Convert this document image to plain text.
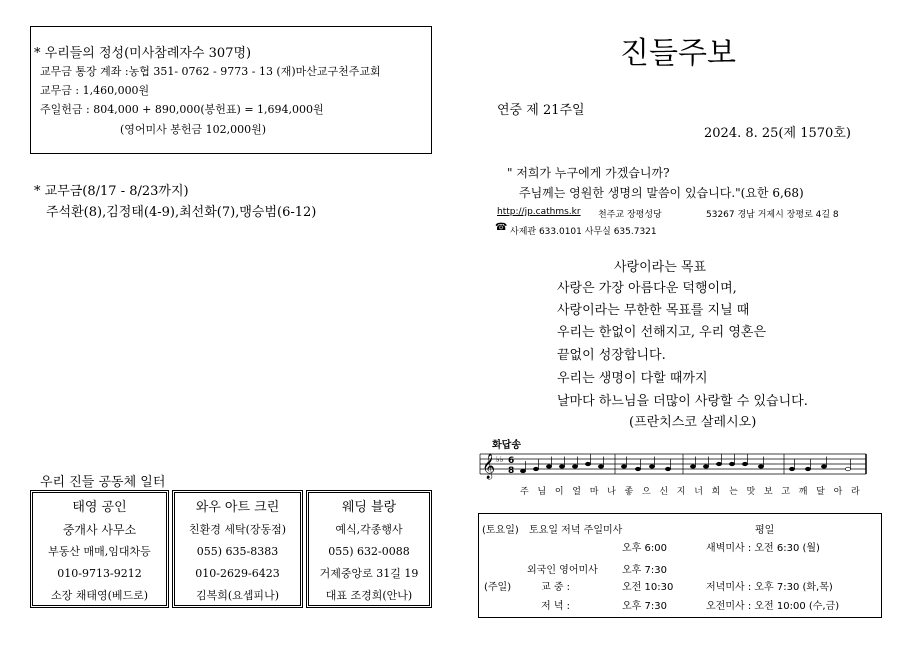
* 우리들의 정성(미사참례자수 307명)
교무금 통장 계좌 :농협 351- 0762 - 9773 - 13 (재)마산교구천주교회
교무금 : 1,460,000원
주일헌금 : 804,000 + 890,000(봉헌표) = 1,694,000원
(영어미사 봉헌금 102,000원)
* 교무금(8/17 - 8/23까지)
주석환(8),김정태(4-9),최선화(7),맹승범(6-12)
우리 진들 공동체 일터
태영 공인
중개사 사무소
부동산 매매,임대차등
010-9713-9212
소장 채태영(베드로)
와우 아트 크린
친환경 세탁(장동점)
055) 635-8383
010-2629-6423
김복희(요셉피나)
웨딩 블랑
예식,각종행사
055) 632-0088
거제중앙로 31길 19
대표 조경희(안나)
진들주보
연중 제 21주일
2024. 8. 25(제 1570호)
" 저희가 누구에게 가겠습니까?
주님께는 영원한 생명의 말씀이 있습니다."(요한 6,68)
http://jp.cathms.kr 천주교 장평성당	53267 경남 거제시 장평로 4길 8
☎ 사제관 633.0101 사무실 635.7321
사랑이라는 목표
사랑은 가장 아름다운 덕행이며,
사랑이라는 무한한 목표를 지닐 때
우리는 한없이 선해지고, 우리 영혼은
끝없이 성장합니다.
우리는 생명이 다할 때까지
날마다 하느님을 더많이 사랑할 수 있습니다.
(프란치스코 살레시오)
화답송
𝄞 ♭♭ 6
8
주 님 이 얼 마 나 좋 으 신 지 너 희 는 맛 보 고 깨 달 아 라
(토요일) 토요일 저녁 주일미사	평일
오후 6:00	새벽미사 : 오전 6:30 (월)
외국인 영어미사 오후 7:30
(주일)	교 중 :	오전 10:30	저녁미사 : 오후 7:30 (화,목)
저 녁 :	오후 7:30	오전미사 : 오전 10:00 (수,금)
